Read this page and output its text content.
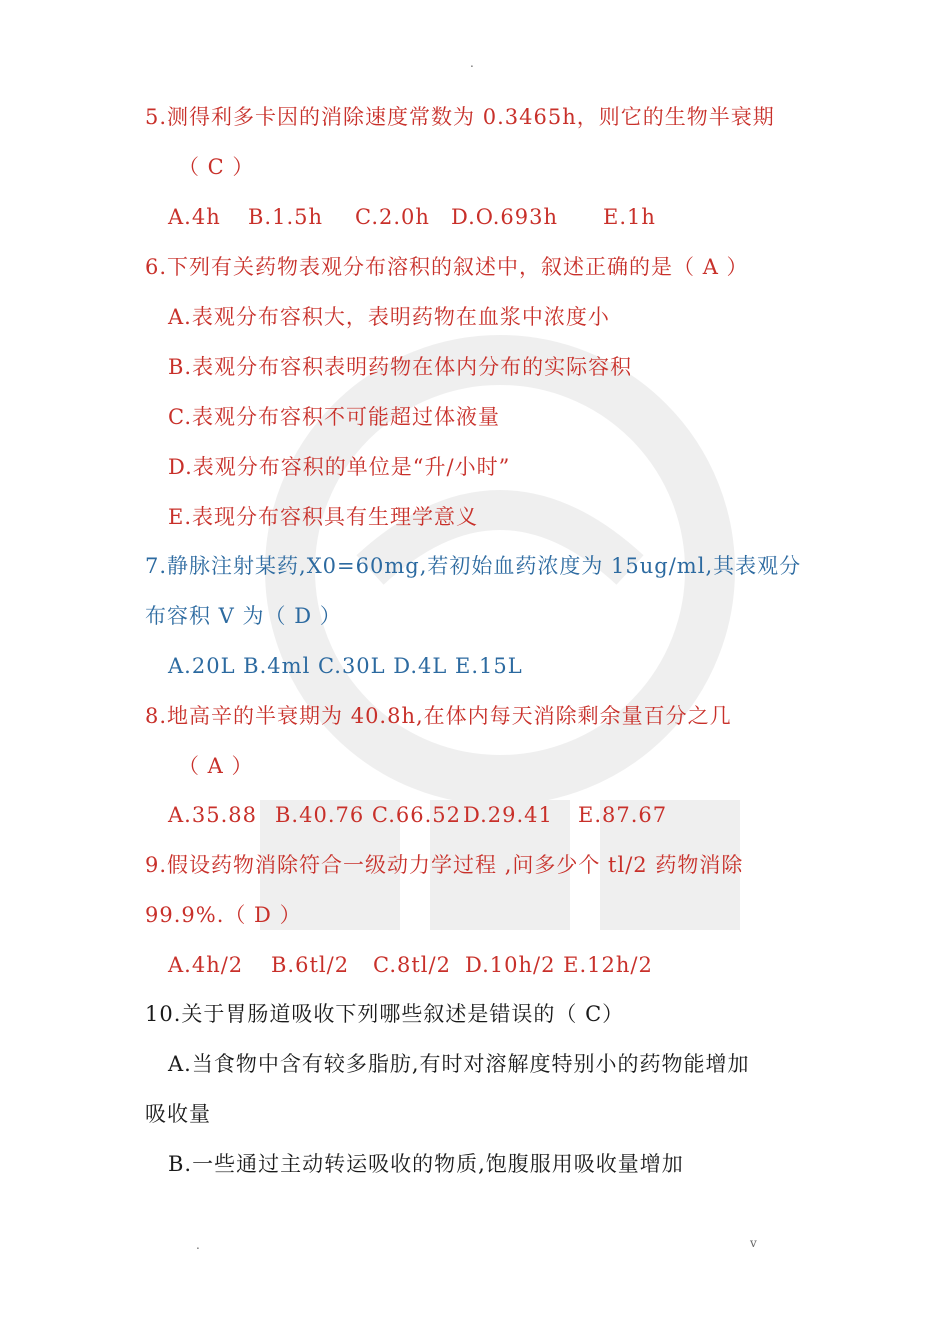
.
5.测得利多卡因的消除速度常数为 0.3465h，则它的生物半衰期
（ C ）
A.4h B.1.5h C.2.0h D.O.693h E.1h
6.下列有关药物表观分布溶积的叙述中，叙述正确的是（ A ）
A.表观分布容积大，表明药物在血浆中浓度小
B.表观分布容积表明药物在体内分布的实际容积
C.表观分布容积不可能超过体液量
D.表观分布容积的单位是“升/小时”
E.表现分布容积具有生理学意义
7.静脉注射某药,X0=60mg,若初始血药浓度为 15ug/ml,其表观分
布容积 V 为（ D ）
A.20L B.4ml C.30L D.4L E.15L
8.地高辛的半衰期为 40.8h,在体内每天消除剩余量百分之几
（ A ）
A.35.88 B.40.76 C.66.52D.29.41 E.87.67
9.假设药物消除符合一级动力学过程 ,问多少个 tl/2 药物消除
99.9%.（ D ）
A.4h/2 B.6tl/2 C.8tl/2 D.10h/2 E.12h/2
10.关于胃肠道吸收下列哪些叙述是错误的（ C）
A.当食物中含有较多脂肪,有时对溶解度特别小的药物能增加
吸收量
B.一些通过主动转运吸收的物质,饱腹服用吸收量增加
.	v
